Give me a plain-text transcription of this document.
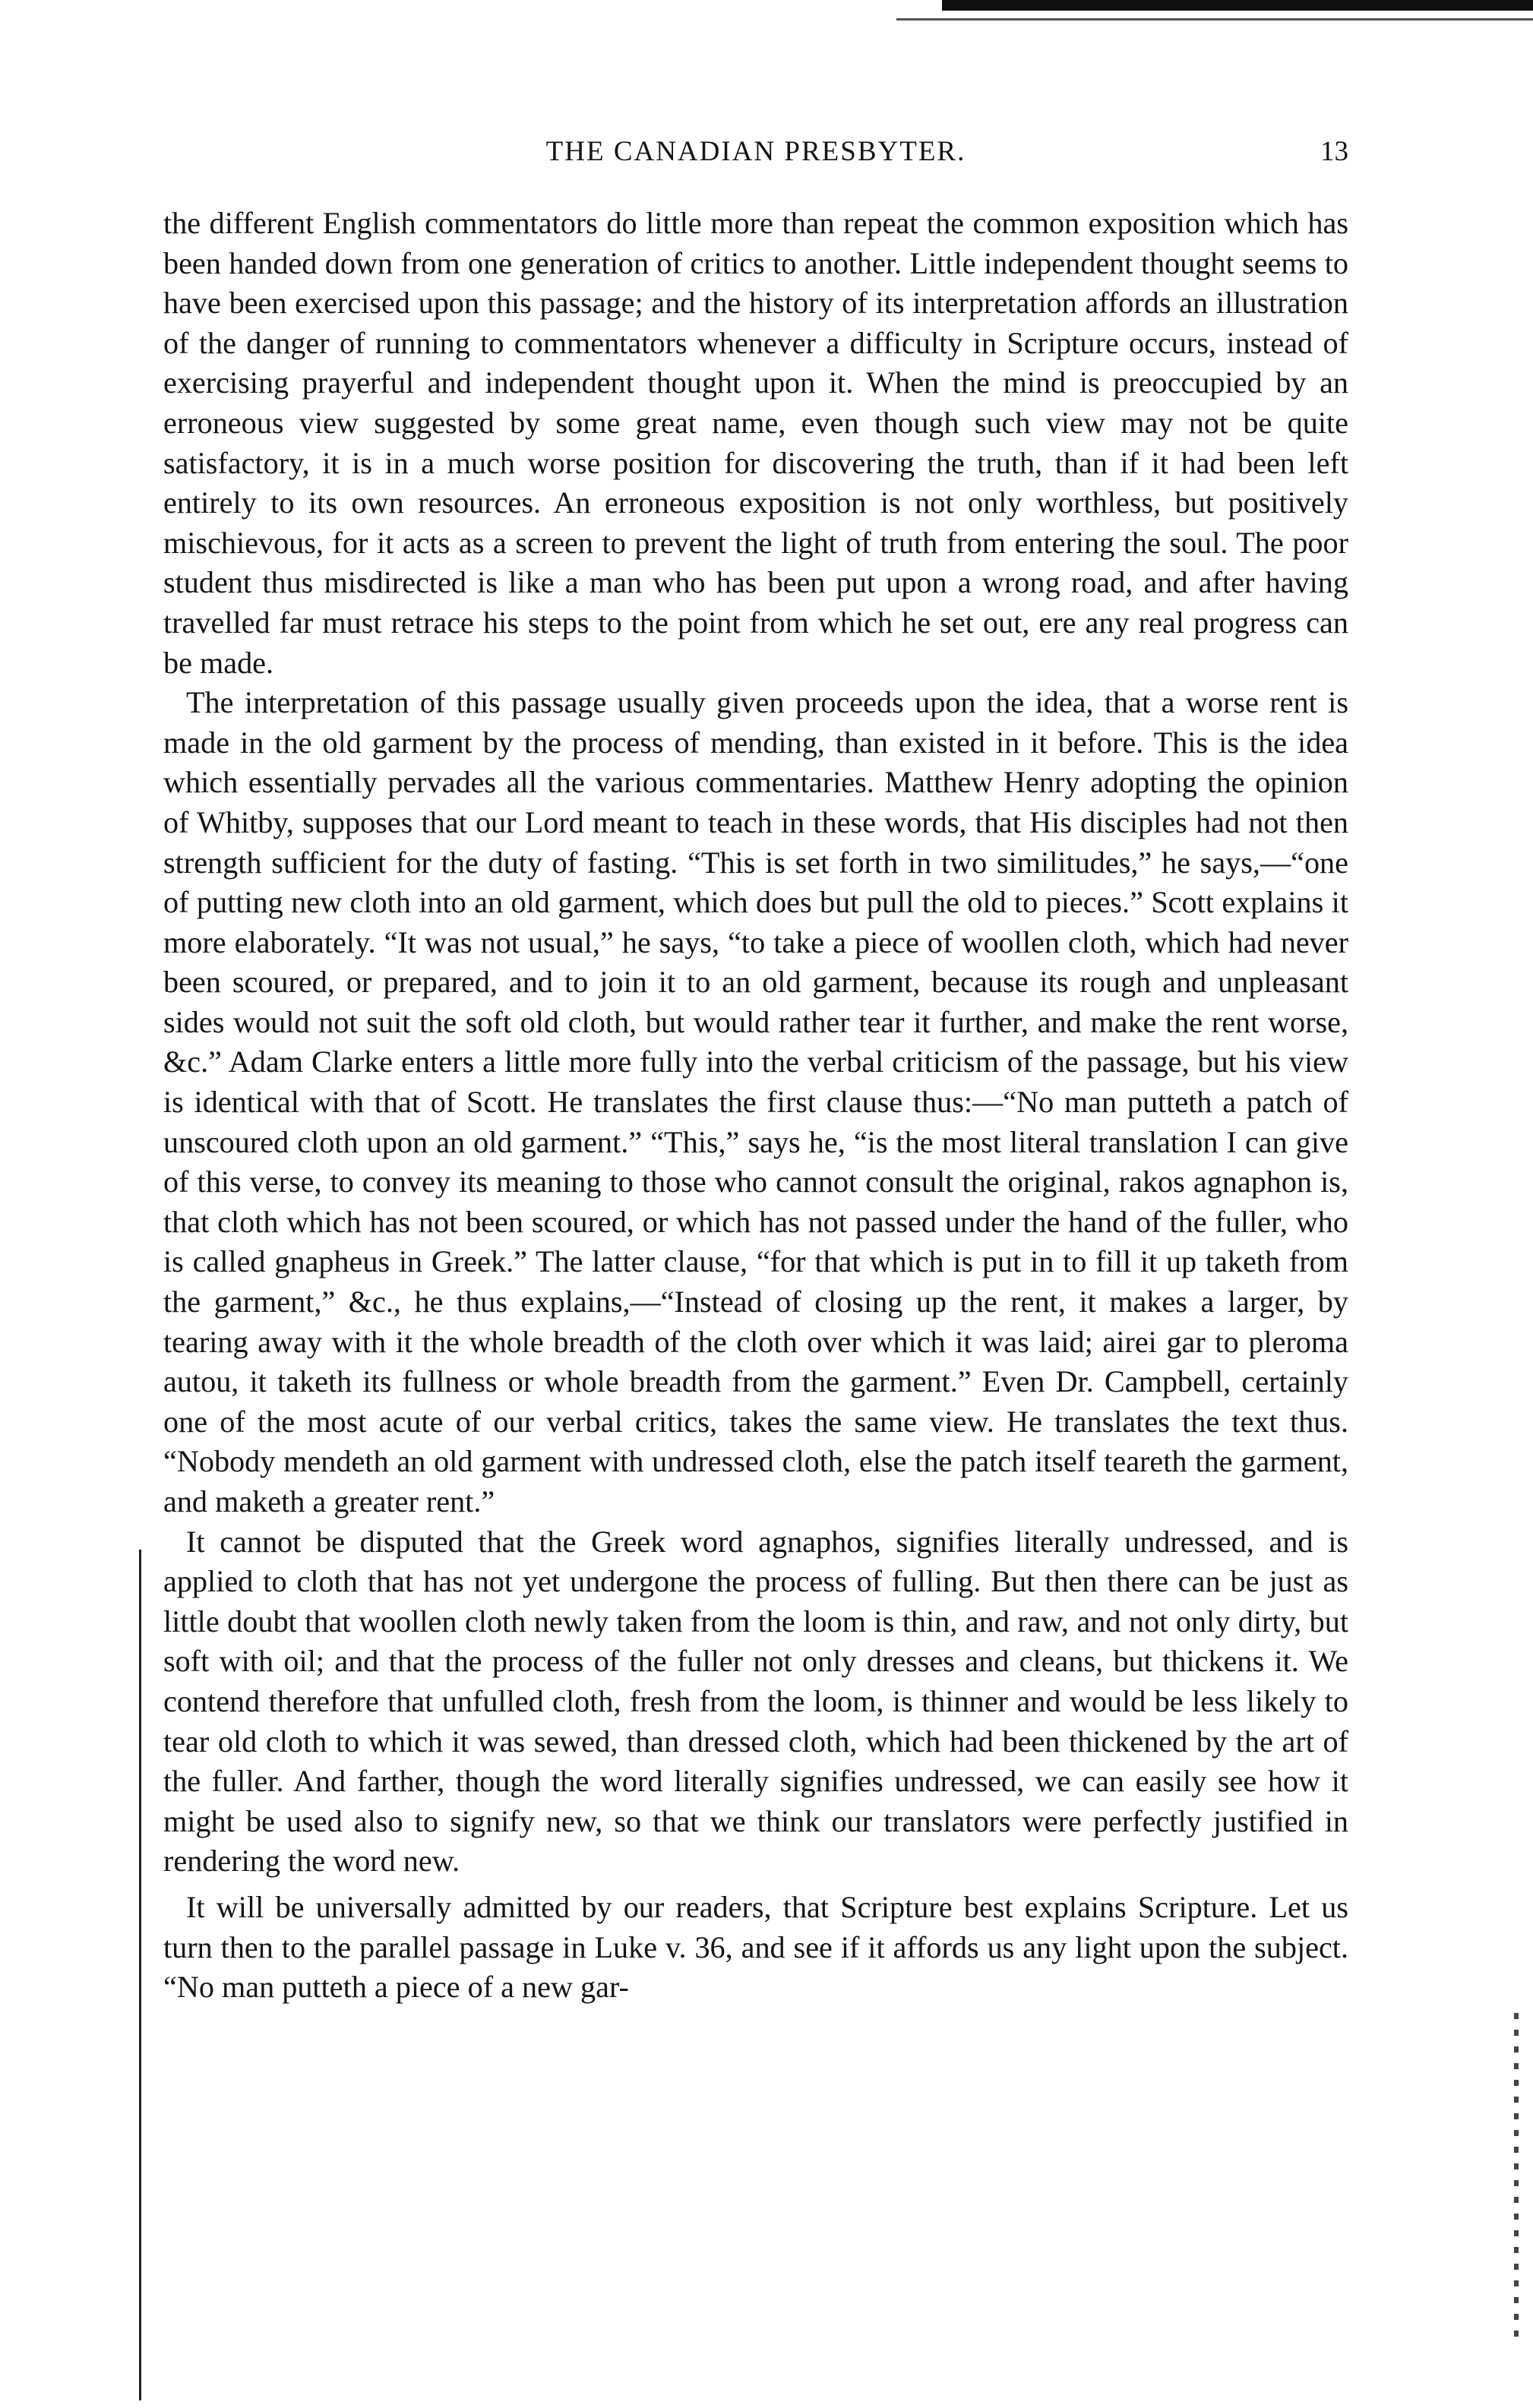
THE CANADIAN PRESBYTER.	13

the different English commentators do little more than repeat the common exposition which has been handed down from one generation of critics to another. Little independent thought seems to have been exercised upon this passage; and the history of its interpretation affords an illustration of the danger of running to commentators whenever a difficulty in Scripture occurs, instead of exercising prayerful and independent thought upon it. When the mind is preoccupied by an erroneous view suggested by some great name, even though such view may not be quite satisfactory, it is in a much worse position for discovering the truth, than if it had been left entirely to its own resources. An erroneous exposition is not only worthless, but positively mischievous, for it acts as a screen to prevent the light of truth from entering the soul. The poor student thus misdirected is like a man who has been put upon a wrong road, and after having travelled far must retrace his steps to the point from which he set out, ere any real progress can be made.

The interpretation of this passage usually given proceeds upon the idea, that a worse rent is made in the old garment by the process of mending, than existed in it before. This is the idea which essentially pervades all the various commentaries. Matthew Henry adopting the opinion of Whitby, supposes that our Lord meant to teach in these words, that His disciples had not then strength sufficient for the duty of fasting. “This is set forth in two similitudes,” he says,—“one of putting new cloth into an old garment, which does but pull the old to pieces.” Scott explains it more elaborately. “It was not usual,” he says, “to take a piece of woollen cloth, which had never been scoured, or prepared, and to join it to an old garment, because its rough and unpleasant sides would not suit the soft old cloth, but would rather tear it further, and make the rent worse, &c.” Adam Clarke enters a little more fully into the verbal criticism of the passage, but his view is identical with that of Scott. He translates the first clause thus:—“No man putteth a patch of unscoured cloth upon an old garment.” “This,” says he, “is the most literal translation I can give of this verse, to convey its meaning to those who cannot consult the original, rakos agnaphon is, that cloth which has not been scoured, or which has not passed under the hand of the fuller, who is called gnapheus in Greek.” The latter clause, “for that which is put in to fill it up taketh from the garment,” &c., he thus explains,—“Instead of closing up the rent, it makes a larger, by tearing away with it the whole breadth of the cloth over which it was laid; airei gar to pleroma autou, it taketh its fullness or whole breadth from the garment.” Even Dr. Campbell, certainly one of the most acute of our verbal critics, takes the same view. He translates the text thus. “Nobody mendeth an old garment with undressed cloth, else the patch itself teareth the garment, and maketh a greater rent.”

It cannot be disputed that the Greek word agnaphos, signifies literally undressed, and is applied to cloth that has not yet undergone the process of fulling. But then there can be just as little doubt that woollen cloth newly taken from the loom is thin, and raw, and not only dirty, but soft with oil; and that the process of the fuller not only dresses and cleans, but thickens it. We contend therefore that unfulled cloth, fresh from the loom, is thinner and would be less likely to tear old cloth to which it was sewed, than dressed cloth, which had been thickened by the art of the fuller. And farther, though the word literally signifies undressed, we can easily see how it might be used also to signify new, so that we think our translators were perfectly justified in rendering the word new.

It will be universally admitted by our readers, that Scripture best explains Scripture. Let us turn then to the parallel passage in Luke v. 36, and see if it affords us any light upon the subject. “No man putteth a piece of a new gar-
